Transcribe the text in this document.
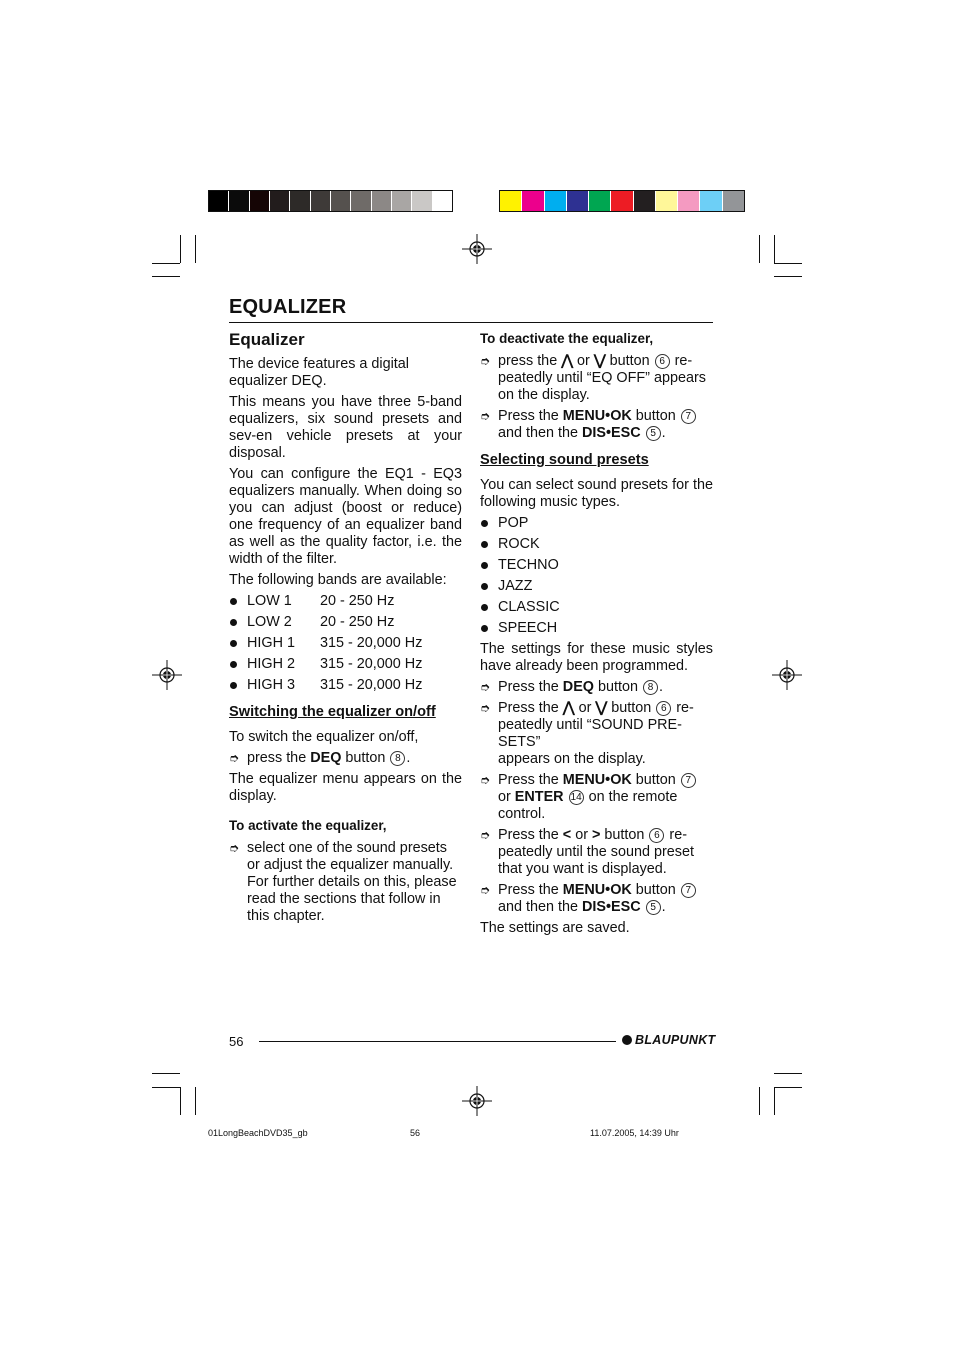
EQUALIZER
Equalizer

The device features a digital equalizer DEQ.

This means you have three 5-band equalizers, six sound presets and sev-en vehicle presets at your disposal.

You can configure the EQ1 - EQ3 equalizers manually. When doing so you can adjust (boost or reduce) one frequency of an equalizer band as well as the quality factor, i.e. the width of the filter.

The following bands are available:

LOW 1 20 - 250 Hz
LOW 2 20 - 250 Hz
HIGH 1 315 - 20,000 Hz
HIGH 2 315 - 20,000 Hz
HIGH 3 315 - 20,000 Hz
Switching the equalizer on/off

To switch the equalizer on/off,

➮ press the DEQ button 8 .

The equalizer menu appears on the display.

To activate the equalizer,
➮ select one of the sound presets or adjust the equalizer manually. For further details on this, please read the sections that follow in this chapter.
To deactivate the equalizer,
➮ press the ⋀ or ⋁ button 6 re-peatedly until “EQ OFF” appears on the display.
➮ Press the MENU•OK button 7 and then the DIS•ESC 5 .
Selecting sound presets

You can select sound presets for the following music types.

POP
ROCK
TECHNO
JAZZ
CLASSIC
SPEECH

The settings for these music styles have already been programmed.

➮ Press the DEQ button 8 .
➮ Press the ⋀ or ⋁ button 6 re-peatedly until “SOUND PRE-SETS”
appears on the display.
➮ Press the MENU•OK button 7 or ENTER 14 on the remote control.
➮ Press the < or > button 6 re-peatedly until the sound preset that you want is displayed.
➮ Press the MENU•OK button 7 and then the DIS•ESC 5 .

The settings are saved.

56	BLAUPUNKT
01LongBeachDVD35_gb	56	11.07.2005, 14:39 Uhr
